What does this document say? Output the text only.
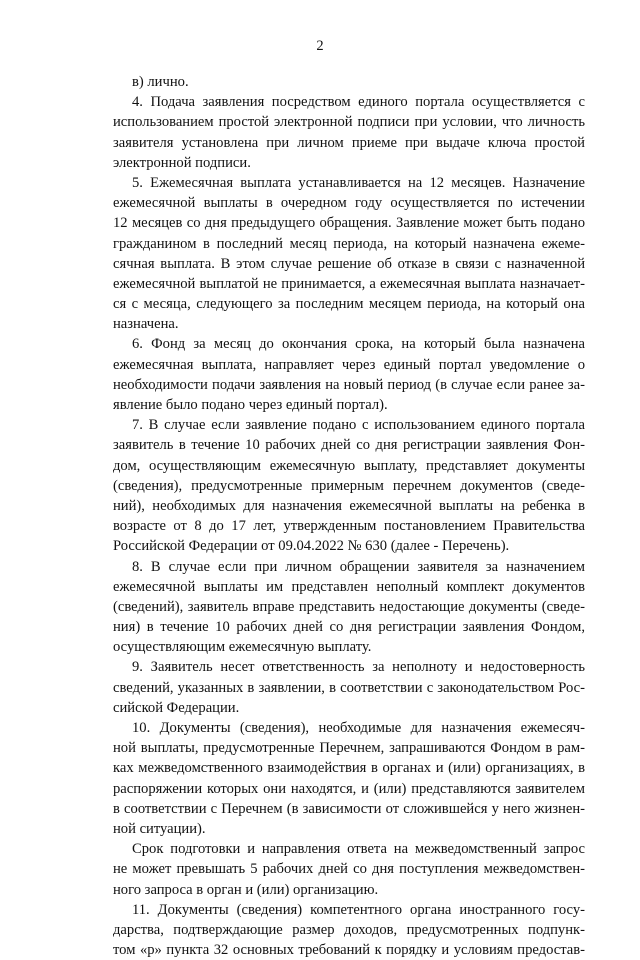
2
в) лично.
4. Подача заявления посредством единого портала осуществляется с
использованием простой электронной подписи при условии, что личность
заявителя установлена при личном приеме при выдаче ключа простой
электронной подписи.
5. Ежемесячная выплата устанавливается на 12 месяцев. Назначение
ежемесячной выплаты в очередном году осуществляется по истечении
12 месяцев со дня предыдущего обращения. Заявление может быть подано
гражданином в последний месяц периода, на который назначена ежеме-
сячная выплата. В этом случае решение об отказе в связи с назначенной
ежемесячной выплатой не принимается, а ежемесячная выплата назначает-
ся с месяца, следующего за последним месяцем периода, на который она
назначена.
6. Фонд за месяц до окончания срока, на который была назначена
ежемесячная выплата, направляет через единый портал уведомление о
необходимости подачи заявления на новый период (в случае если ранее за-
явление было подано через единый портал).
7. В случае если заявление подано с использованием единого портала
заявитель в течение 10 рабочих дней со дня регистрации заявления Фон-
дом, осуществляющим ежемесячную выплату, представляет документы
(сведения), предусмотренные примерным перечнем документов (сведе-
ний), необходимых для назначения ежемесячной выплаты на ребенка в
возрасте от 8 до 17 лет, утвержденным постановлением Правительства
Российской Федерации от 09.04.2022 № 630 (далее - Перечень).
8. В случае если при личном обращении заявителя за назначением
ежемесячной выплаты им представлен неполный комплект документов
(сведений), заявитель вправе представить недостающие документы (сведе-
ния) в течение 10 рабочих дней со дня регистрации заявления Фондом,
осуществляющим ежемесячную выплату.
9. Заявитель несет ответственность за неполноту и недостоверность
сведений, указанных в заявлении, в соответствии с законодательством Рос-
сийской Федерации.
10. Документы (сведения), необходимые для назначения ежемесяч-
ной выплаты, предусмотренные Перечнем, запрашиваются Фондом в рам-
ках межведомственного взаимодействия в органах и (или) организациях, в
распоряжении которых они находятся, и (или) представляются заявителем
в соответствии с Перечнем (в зависимости от сложившейся у него жизнен-
ной ситуации).
Срок подготовки и направления ответа на межведомственный запрос
не может превышать 5 рабочих дней со дня поступления межведомствен-
ного запроса в орган и (или) организацию.
11. Документы (сведения) компетентного органа иностранного госу-
дарства, подтверждающие размер доходов, предусмотренных подпунк-
том «р» пункта 32 основных требований к порядку и условиям предостав-
